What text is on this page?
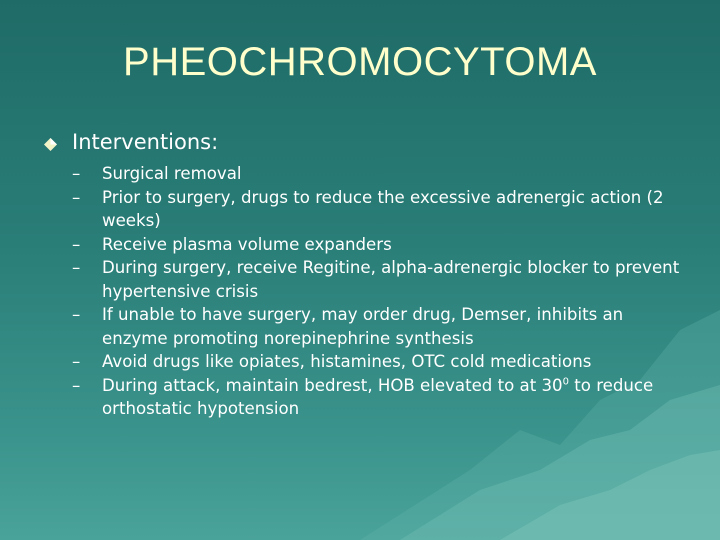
PHEOCHROMOCYTOMA

Interventions:

– Surgical removal
– Prior to surgery, drugs to reduce the excessive adrenergic action (2 weeks)
– Receive plasma volume expanders
– During surgery, receive Regitine, alpha-adrenergic blocker to prevent hypertensive crisis
– If unable to have surgery, may order drug, Demser, inhibits an enzyme promoting norepinephrine synthesis
– Avoid drugs like opiates, histamines, OTC cold medications
– During attack, maintain bedrest, HOB elevated to at $30^0$ to reduce orthostatic hypotension
